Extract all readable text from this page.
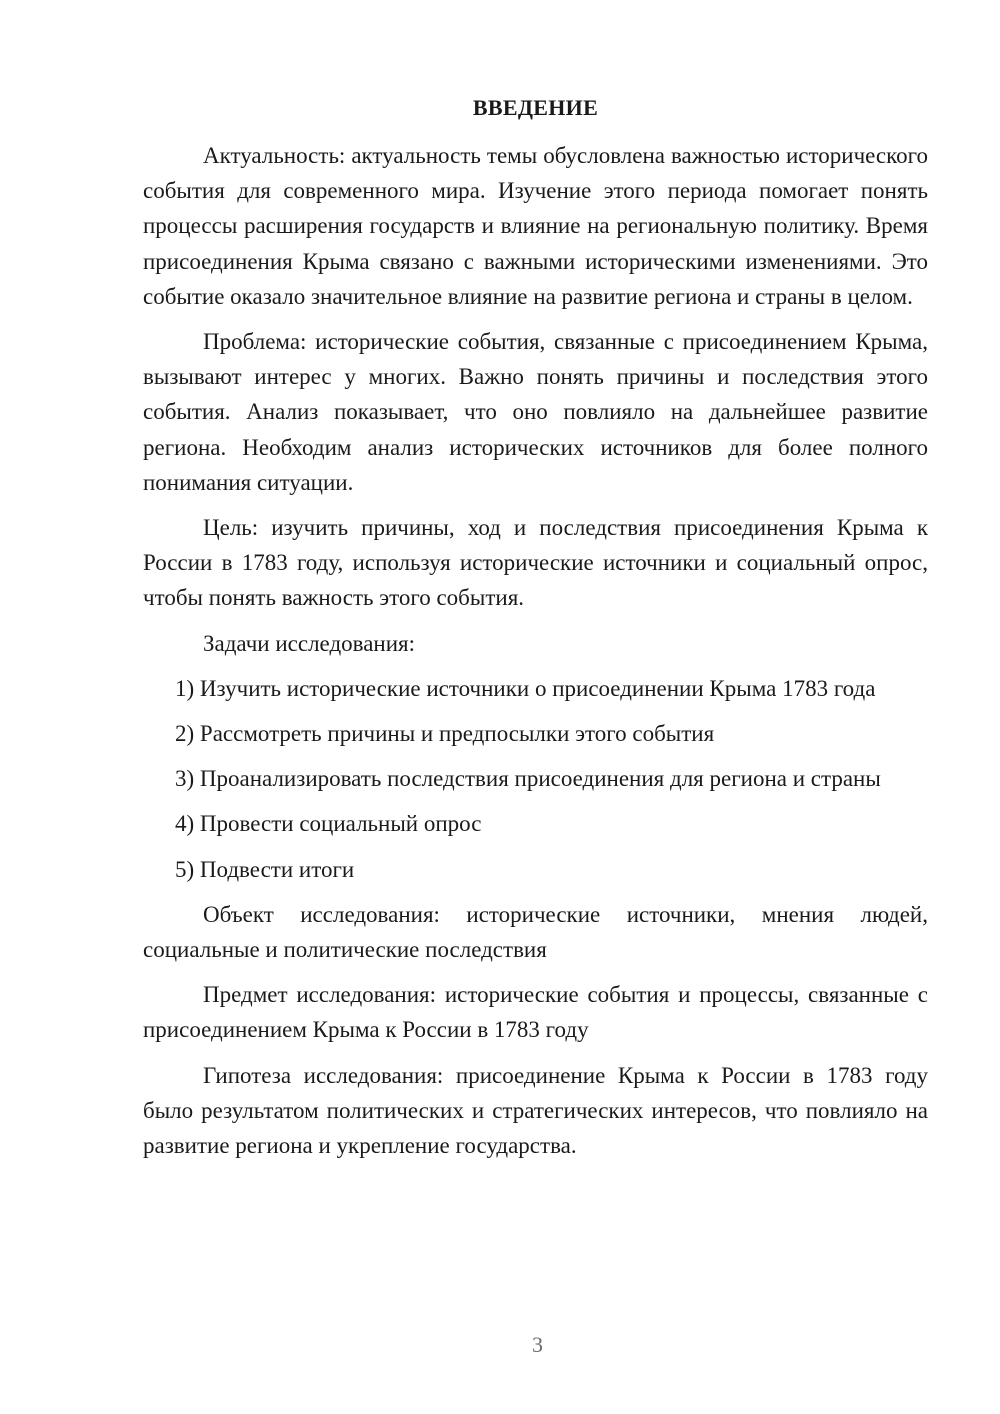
ВВЕДЕНИЕ

Актуальность: актуальность темы обусловлена важностью исторического события для современного мира. Изучение этого периода помогает понять процессы расширения государств и влияние на региональную политику. Время присоединения Крыма связано с важными историческими изменениями. Это событие оказало значительное влияние на развитие региона и страны в целом.

Проблема: исторические события, связанные с присоединением Крыма, вызывают интерес у многих. Важно понять причины и последствия этого события. Анализ показывает, что оно повлияло на дальнейшее развитие региона. Необходим анализ исторических источников для более полного понимания ситуации.

Цель: изучить причины, ход и последствия присоединения Крыма к России в 1783 году, используя исторические источники и социальный опрос, чтобы понять важность этого события.

Задачи исследования:

1) Изучить исторические источники о присоединении Крыма 1783 года

2) Рассмотреть причины и предпосылки этого события

3) Проанализировать последствия присоединения для региона и страны

4) Провести социальный опрос

5) Подвести итоги

Объект исследования: исторические источники, мнения людей, социальные и политические последствия

Предмет исследования: исторические события и процессы, связанные с присоединением Крыма к России в 1783 году

Гипотеза исследования: присоединение Крыма к России в 1783 году было результатом политических и стратегических интересов, что повлияло на развитие региона и укрепление государства.

3
